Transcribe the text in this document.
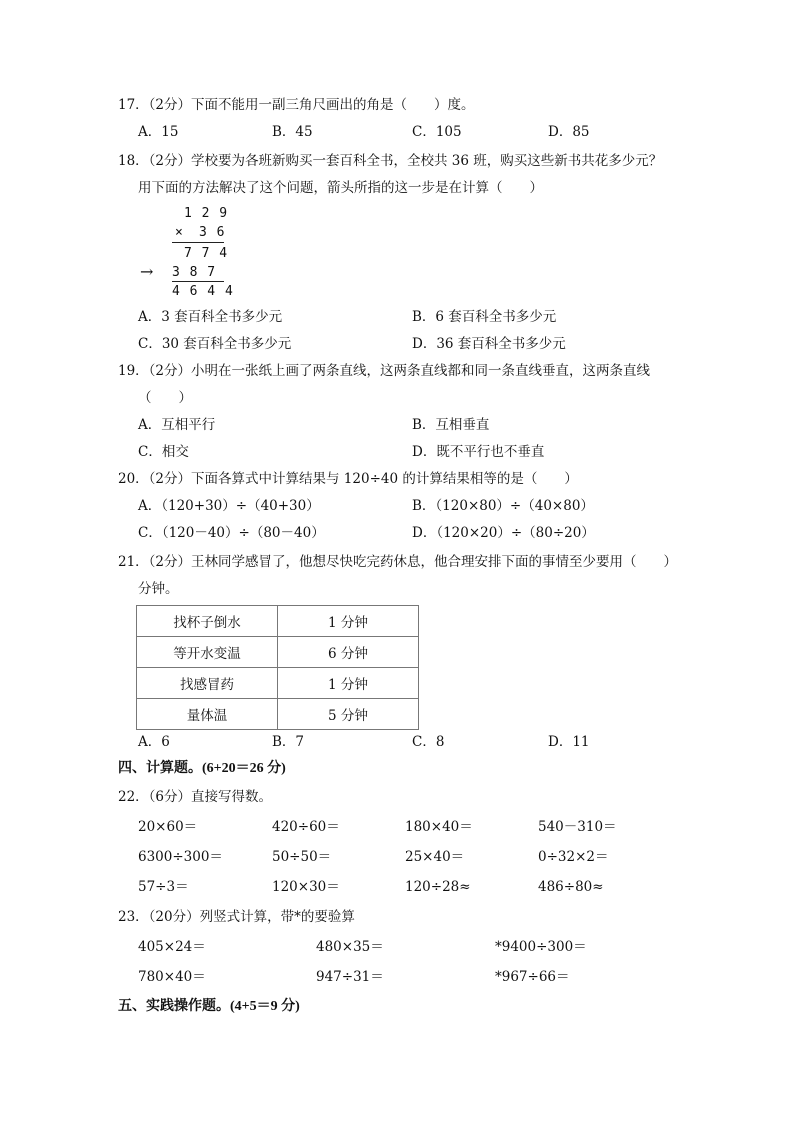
17．（2分）下面不能用一副三角尺画出的角是（　　）度。
A．15	B．45	C．105	D．85
18．（2分）学校要为各班新购买一套百科全书，全校共 36 班，购买这些新书共花多少元？
用下面的方法解决了这个问题，箭头所指的这一步是在计算（　　）
1 2 9
× 3 6
7 7 4
→ 3 8 7
4 6 4 4
A．3 套百科全书多少元	B．6 套百科全书多少元
C．30 套百科全书多少元	D．36 套百科全书多少元
19．（2分）小明在一张纸上画了两条直线，这两条直线都和同一条直线垂直，这两条直线
（　　）
A．互相平行	B．互相垂直
C．相交	D．既不平行也不垂直
20．（2分）下面各算式中计算结果与 120÷40 的计算结果相等的是（　　）
A．（120+30）÷（40+30）	B．（120×80）÷（40×80）
C．（120－40）÷（80－40）	D．（120×20）÷（80÷20）
21．（2分）王林同学感冒了，他想尽快吃完药休息，他合理安排下面的事情至少要用（　　）
分钟。
找杯子倒水	1 分钟
等开水变温	6 分钟
找感冒药	1 分钟
量体温	5 分钟
A．6	B．7	C．8	D．11
四、计算题。(6+20＝26 分)
22．（6分）直接写得数。
20×60＝	420÷60＝	180×40＝	540－310＝
6300÷300＝	50÷50＝	25×40＝	0÷32×2＝
57÷3＝	120×30＝	120÷28≈	486÷80≈
23．（20分）列竖式计算，带*的要验算
405×24＝	480×35＝	*9400÷300＝
780×40＝	947÷31＝	*967÷66＝
五、实践操作题。(4+5＝9 分)
